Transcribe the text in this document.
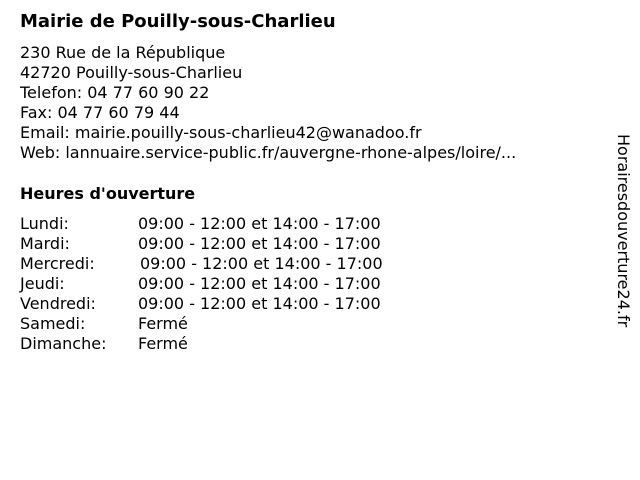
Mairie de Pouilly-sous-Charlieu
230 Rue de la République
42720 Pouilly-sous-Charlieu
Telefon: 04 77 60 90 22
Fax: 04 77 60 79 44
Email: mairie.pouilly-sous-charlieu42@wanadoo.fr
Web: lannuaire.service-public.fr/auvergne-rhone-alpes/loire/...
Heures d'ouverture
Lundi:	09:00 - 12:00 et 14:00 - 17:00
Mardi:	09:00 - 12:00 et 14:00 - 17:00
Mercredi:	09:00 - 12:00 et 14:00 - 17:00
Jeudi:	09:00 - 12:00 et 14:00 - 17:00
Vendredi:	09:00 - 12:00 et 14:00 - 17:00
Samedi:	Fermé
Dimanche: Fermé
Horairesdouverture24.fr
